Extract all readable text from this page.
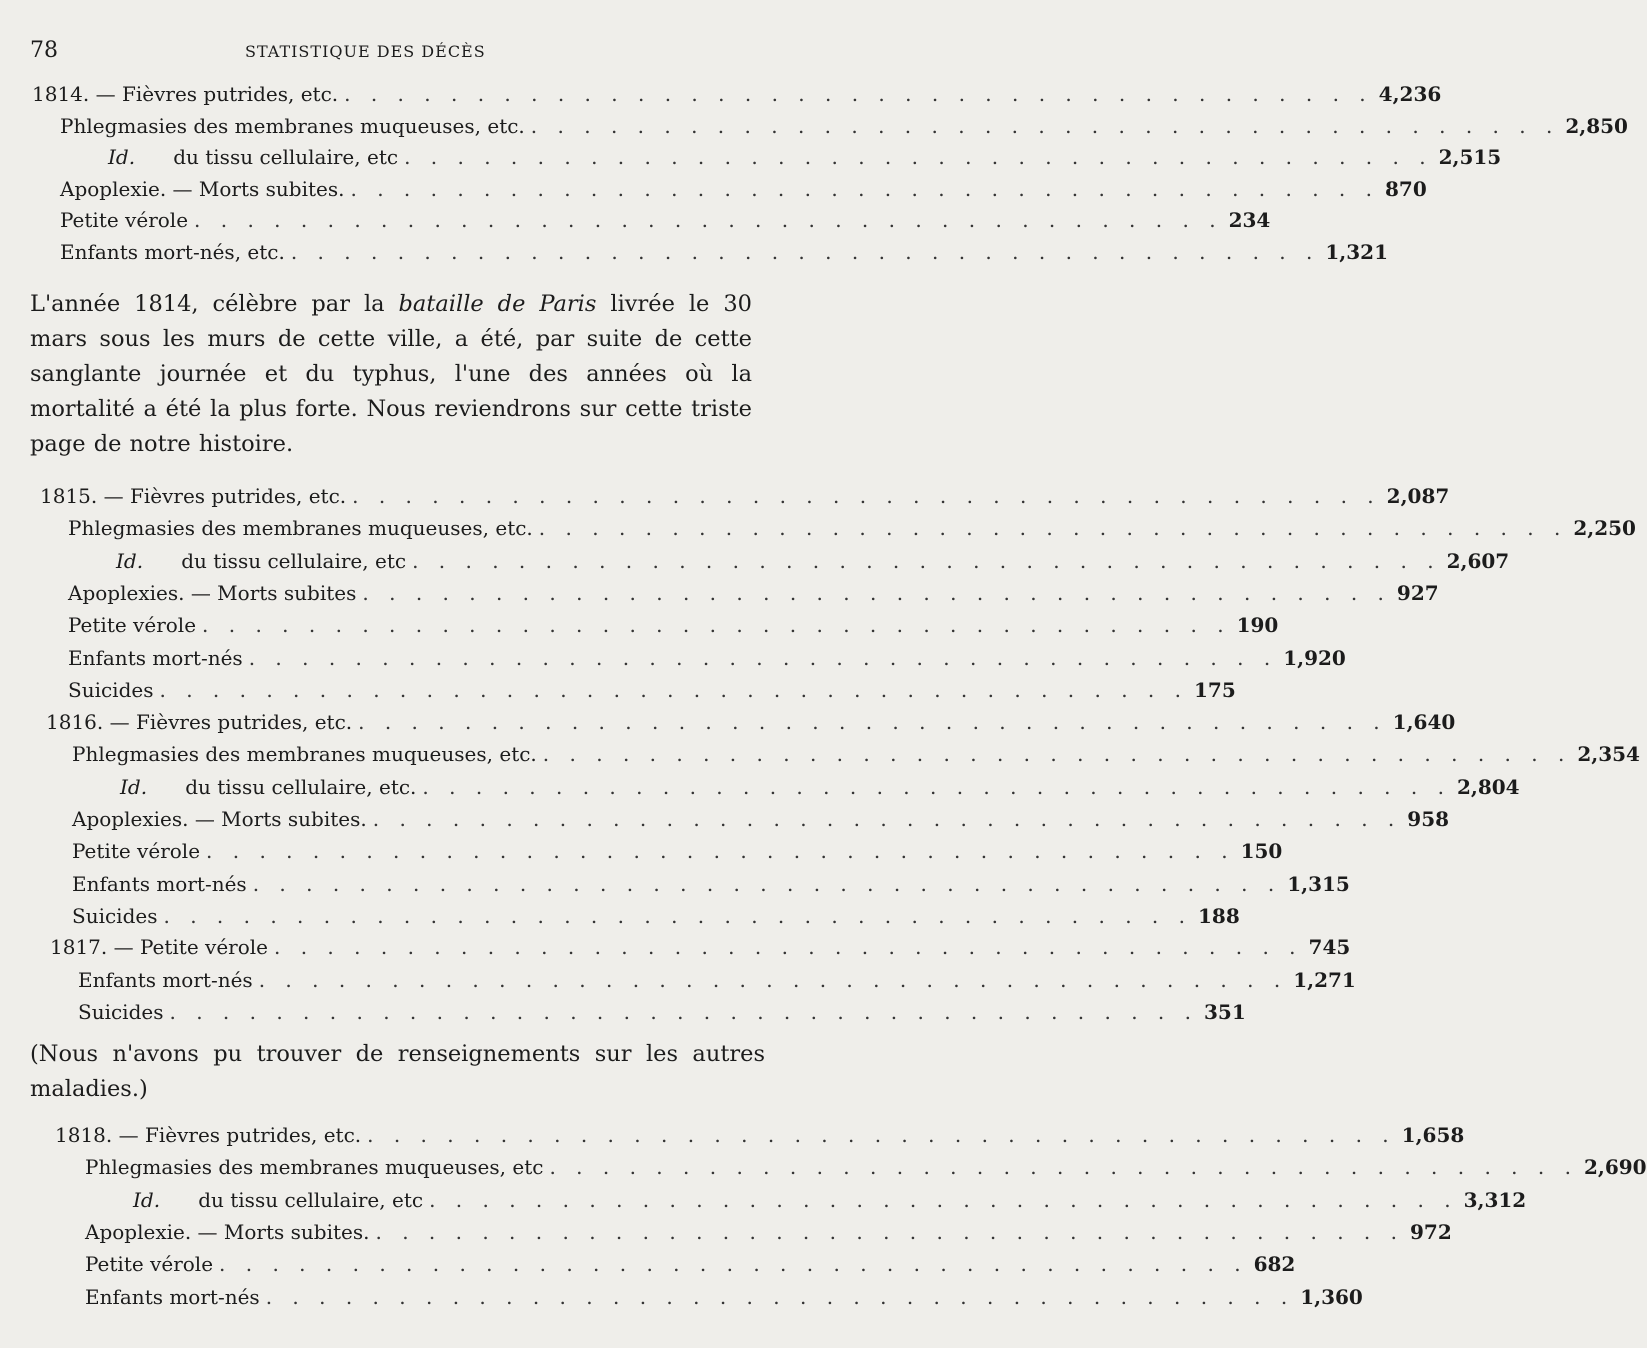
78	STATISTIQUE DES DÉCÈS
1814. — Fièvres putrides, etc. . . . . . . . . . . . . . . . . . . . . . . . . . . . . . . . . . . . . . . . 4,236
Phlegmasies des membranes muqueuses, etc. . . . . . . . . . . . . . . . . . . . . . . . . . . . . . . . . . . . . . . . 2,850
Id.      du tissu cellulaire, etc . . . . . . . . . . . . . . . . . . . . . . . . . . . . . . . . . . . . . . . 2,515
Apoplexie. — Morts subites. . . . . . . . . . . . . . . . . . . . . . . . . . . . . . . . . . . . . . . . 870
Petite vérole . . . . . . . . . . . . . . . . . . . . . . . . . . . . . . . . . . . . . . . 234
Enfants mort-nés, etc. . . . . . . . . . . . . . . . . . . . . . . . . . . . . . . . . . . . . . . . 1,321
L'année 1814, célèbre par la bataille de Paris livrée le 30 mars sous les murs de cette ville, a été, par suite de cette sanglante journée et du typhus, l'une des années où la mortalité a été la plus forte. Nous reviendrons sur cette triste page de notre histoire.
1815. — Fièvres putrides, etc. . . . . . . . . . . . . . . . . . . . . . . . . . . . . . . . . . . . . . . . 2,087
Phlegmasies des membranes muqueuses, etc. . . . . . . . . . . . . . . . . . . . . . . . . . . . . . . . . . . . . . . . 2,250
Id.      du tissu cellulaire, etc . . . . . . . . . . . . . . . . . . . . . . . . . . . . . . . . . . . . . . . 2,607
Apoplexies. — Morts subites . . . . . . . . . . . . . . . . . . . . . . . . . . . . . . . . . . . . . . . 927
Petite vérole . . . . . . . . . . . . . . . . . . . . . . . . . . . . . . . . . . . . . . . 190
Enfants mort-nés . . . . . . . . . . . . . . . . . . . . . . . . . . . . . . . . . . . . . . . 1,920
Suicides . . . . . . . . . . . . . . . . . . . . . . . . . . . . . . . . . . . . . . . 175
1816. — Fièvres putrides, etc. . . . . . . . . . . . . . . . . . . . . . . . . . . . . . . . . . . . . . . . 1,640
Phlegmasies des membranes muqueuses, etc. . . . . . . . . . . . . . . . . . . . . . . . . . . . . . . . . . . . . . . . 2,354
Id.      du tissu cellulaire, etc. . . . . . . . . . . . . . . . . . . . . . . . . . . . . . . . . . . . . . . . 2,804
Apoplexies. — Morts subites. . . . . . . . . . . . . . . . . . . . . . . . . . . . . . . . . . . . . . . . 958
Petite vérole . . . . . . . . . . . . . . . . . . . . . . . . . . . . . . . . . . . . . . . 150
Enfants mort-nés . . . . . . . . . . . . . . . . . . . . . . . . . . . . . . . . . . . . . . . 1,315
Suicides . . . . . . . . . . . . . . . . . . . . . . . . . . . . . . . . . . . . . . . 188
1817. — Petite vérole . . . . . . . . . . . . . . . . . . . . . . . . . . . . . . . . . . . . . . . 745
Enfants mort-nés . . . . . . . . . . . . . . . . . . . . . . . . . . . . . . . . . . . . . . . 1,271
Suicides . . . . . . . . . . . . . . . . . . . . . . . . . . . . . . . . . . . . . . . 351
(Nous n'avons pu trouver de renseignements sur les autres maladies.)
1818. — Fièvres putrides, etc. . . . . . . . . . . . . . . . . . . . . . . . . . . . . . . . . . . . . . . . 1,658
Phlegmasies des membranes muqueuses, etc . . . . . . . . . . . . . . . . . . . . . . . . . . . . . . . . . . . . . . . 2,690
Id.      du tissu cellulaire, etc . . . . . . . . . . . . . . . . . . . . . . . . . . . . . . . . . . . . . . . 3,312
Apoplexie. — Morts subites. . . . . . . . . . . . . . . . . . . . . . . . . . . . . . . . . . . . . . . . 972
Petite vérole . . . . . . . . . . . . . . . . . . . . . . . . . . . . . . . . . . . . . . . 682
Enfants mort-nés . . . . . . . . . . . . . . . . . . . . . . . . . . . . . . . . . . . . . . . 1,360
